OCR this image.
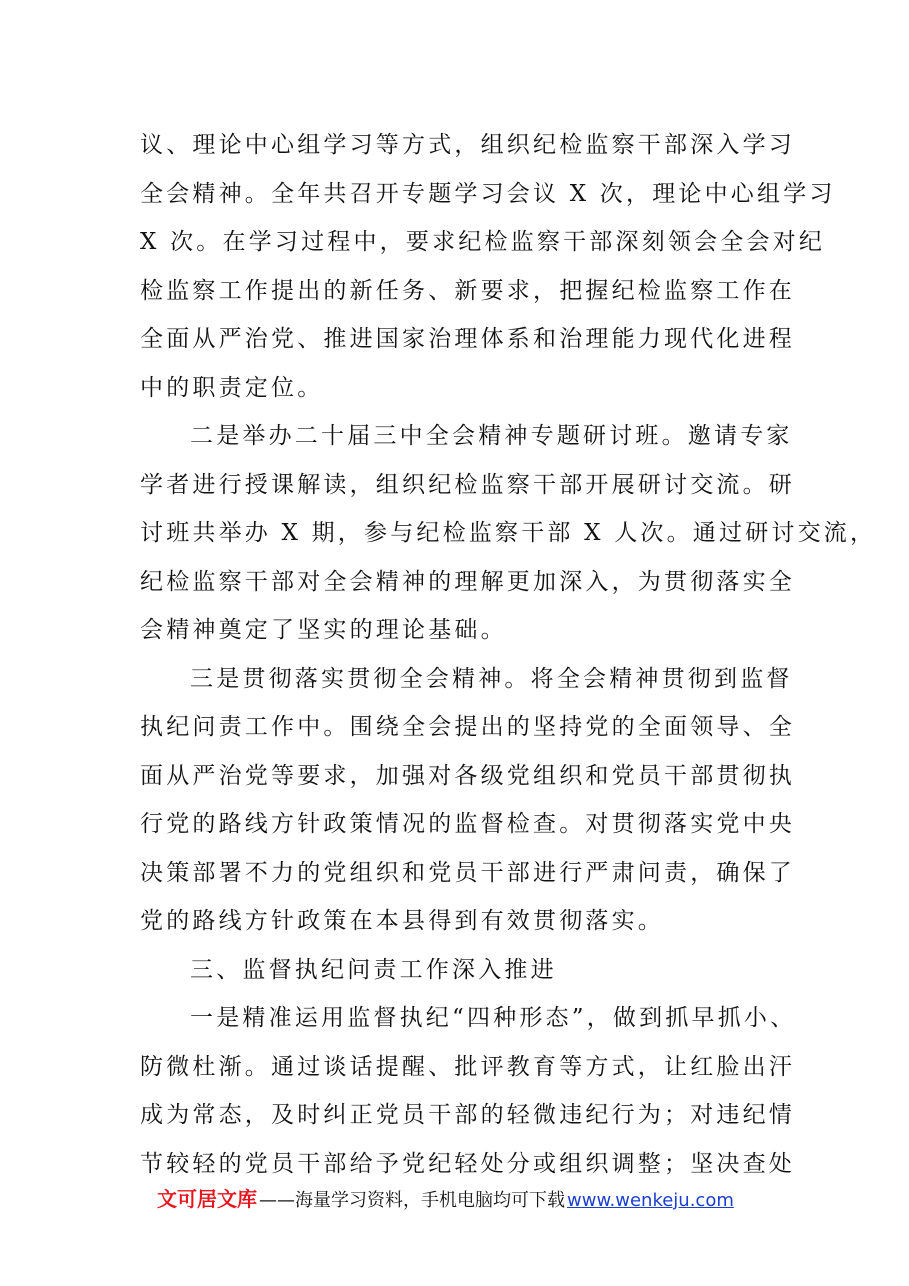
议、理论中心组学习等方式，组织纪检监察干部深入学习
全会精神。全年共召开专题学习会议 X 次，理论中心组学习
X 次。在学习过程中，要求纪检监察干部深刻领会全会对纪
检监察工作提出的新任务、新要求，把握纪检监察工作在
全面从严治党、推进国家治理体系和治理能力现代化进程
中的职责定位。
二是举办二十届三中全会精神专题研讨班。邀请专家
学者进行授课解读，组织纪检监察干部开展研讨交流。研
讨班共举办 X 期，参与纪检监察干部 X 人次。通过研讨交流，
纪检监察干部对全会精神的理解更加深入，为贯彻落实全
会精神奠定了坚实的理论基础。
三是贯彻落实贯彻全会精神。将全会精神贯彻到监督
执纪问责工作中。围绕全会提出的坚持党的全面领导、全
面从严治党等要求，加强对各级党组织和党员干部贯彻执
行党的路线方针政策情况的监督检查。对贯彻落实党中央
决策部署不力的党组织和党员干部进行严肃问责，确保了
党的路线方针政策在本县得到有效贯彻落实。
三、监督执纪问责工作深入推进
一是精准运用监督执纪“四种形态”，做到抓早抓小、
防微杜渐。通过谈话提醒、批评教育等方式，让红脸出汗
成为常态，及时纠正党员干部的轻微违纪行为；对违纪情
节较轻的党员干部给予党纪轻处分或组织调整；坚决查处
文可居文库 ——海量学习资料，手机电脑均可下载 www.wenkeju.com
